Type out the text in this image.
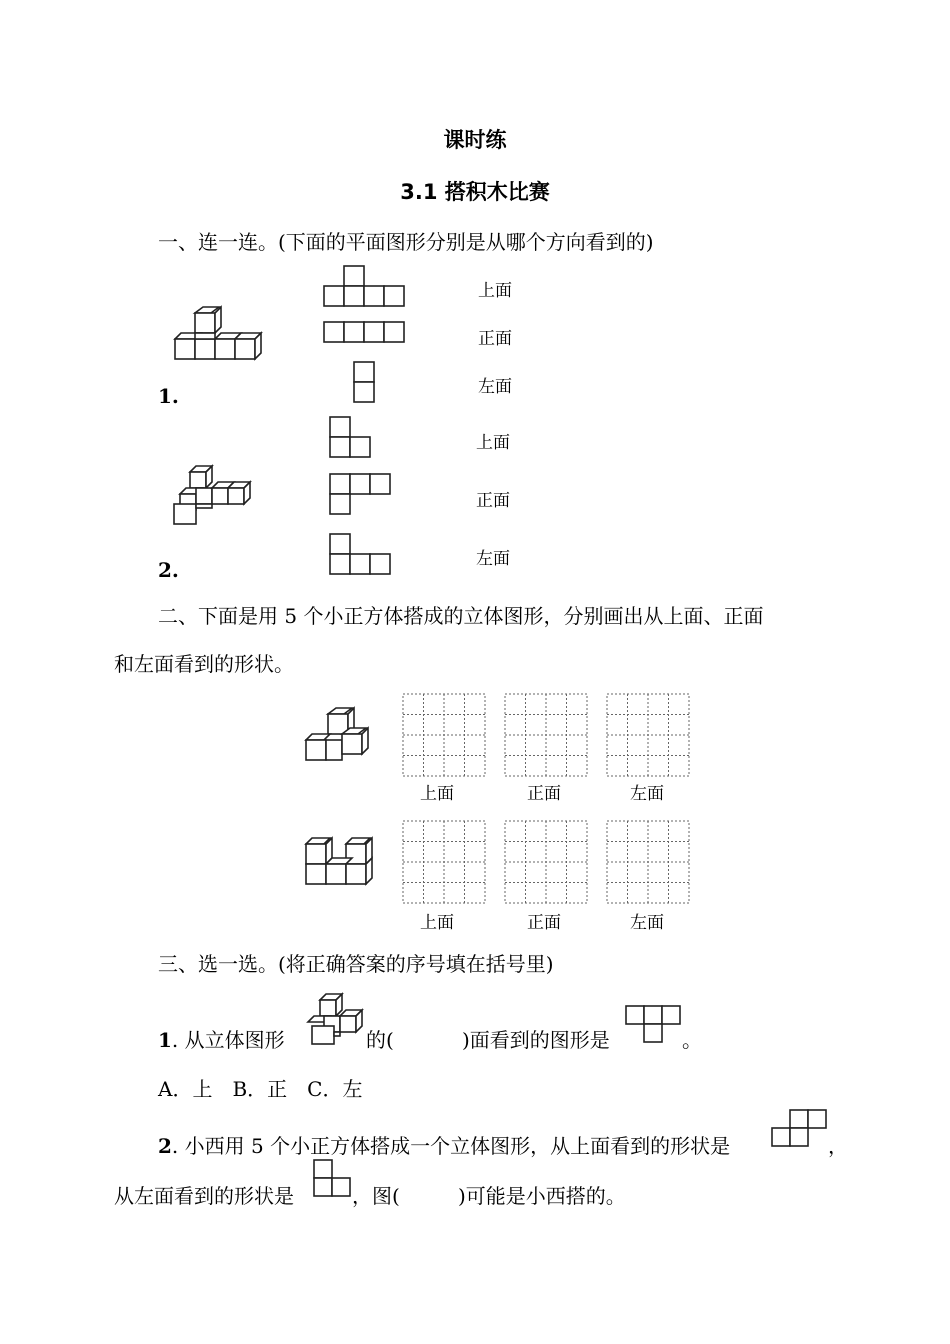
课时练
3.1 搭积木比赛
一、连一连。(下面的平面图形分别是从哪个方向看到的)
1.
上面
正面
左面
2.
上面
正面
左面
二、下面是用 5 个小正方体搭成的立体图形，分别画出从上面、正面
和左面看到的形状。
上面	正面	左面
上面	正面	左面
三、选一选。(将正确答案的序号填在括号里)
1. 从立体图形	的(	)面看到的图形是	。
A．上　B．正　C．左
2. 小西用 5 个小正方体搭成一个立体图形，从上面看到的形状是	，
从左面看到的形状是	，图(	)可能是小西搭的。
